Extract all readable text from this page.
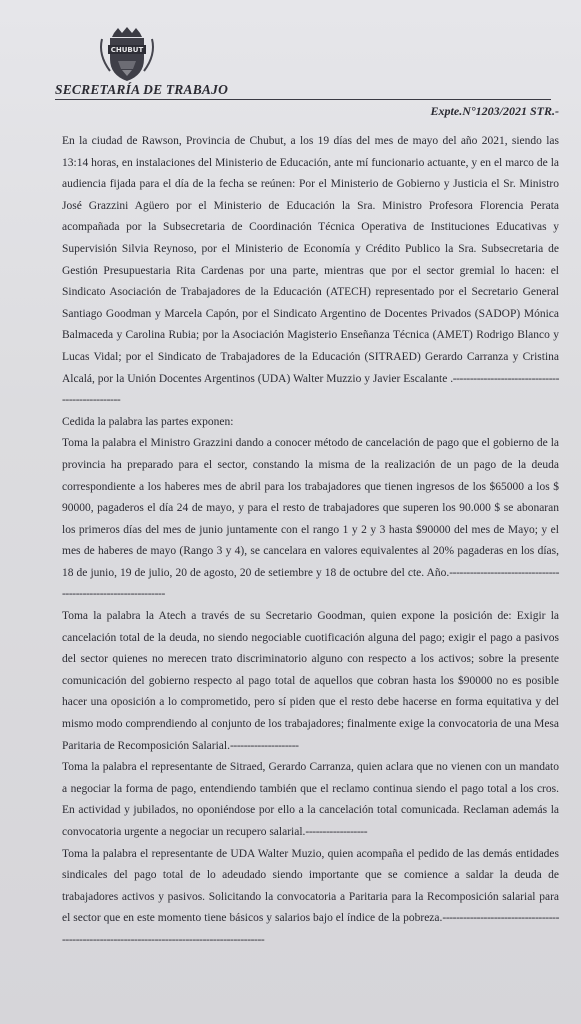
CHUBUT
SECRETARÍA DE TRABAJO
Expte.N°1203/2021 STR.-

En la ciudad de Rawson, Provincia de Chubut, a los 19 días del mes de mayo del año 2021, siendo las 13:14 horas, en instalaciones del Ministerio de Educación, ante mí funcionario actuante, y en el marco de la audiencia fijada para el día de la fecha se reúnen: Por el Ministerio de Gobierno y Justicia el Sr. Ministro José Grazzini Agüero por el Ministerio de Educación la Sra. Ministro Profesora Florencia Perata acompañada por la Subsecretaria de Coordinación Técnica Operativa de Instituciones Educativas y Supervisión Silvia Reynoso, por el Ministerio de Economía y Crédito Publico la Sra. Subsecretaria de Gestión Presupuestaria Rita Cardenas por una parte, mientras que por el sector gremial lo hacen: el Sindicato Asociación de Trabajadores de la Educación (ATECH) representado por el Secretario General Santiago Goodman y Marcela Capón, por el Sindicato Argentino de Docentes Privados (SADOP) Mónica Balmaceda y Carolina Rubia; por la Asociación Magisterio Enseñanza Técnica (AMET) Rodrigo Blanco y Lucas Vidal; por el Sindicato de Trabajadores de la Educación (SITRAED) Gerardo Carranza y Cristina Alcalá, por la Unión Docentes Argentinos (UDA) Walter Muzzio y Javier Escalante .------------------------------------------------

Cedida la palabra las partes exponen:

Toma la palabra el Ministro Grazzini dando a conocer método de cancelación de pago que el gobierno de la provincia ha preparado para el sector, constando la misma de la realización de un pago de la deuda correspondiente a los haberes mes de abril para los trabajadores que tienen ingresos de los $65000 a los $ 90000, pagaderos el día 24 de mayo, y para el resto de trabajadores que superen los 90.000 $ se abonaran los primeros días del mes de junio juntamente con el rango 1 y 2 y 3 hasta $90000 del mes de Mayo; y el mes de haberes de mayo (Rango 3 y 4), se cancelara en valores equivalentes al 20% pagaderas en los días, 18 de junio, 19 de julio, 20 de agosto, 20 de setiembre y 18 de octubre del cte. Año.--------------------------------------------------------------

Toma la palabra la Atech a través de su Secretario Goodman, quien expone la posición de: Exigir la cancelación total de la deuda, no siendo negociable cuotificación alguna del pago; exigir el pago a pasivos del sector quienes no merecen trato discriminatorio alguno con respecto a los activos; sobre la presente comunicación del gobierno respecto al pago total de aquellos que cobran hasta los $90000 no es posible hacer una oposición a lo comprometido, pero sí piden que el resto debe hacerse en forma equitativa y del mismo modo comprendiendo al conjunto de los trabajadores; finalmente exige la convocatoria de una Mesa Paritaria de Recomposición Salarial.--------------------

Toma la palabra el representante de Sitraed, Gerardo Carranza, quien aclara que no vienen con un mandato a negociar la forma de pago, entendiendo también que el reclamo continua siendo el pago total a los cros. En actividad y jubilados, no oponiéndose por ello a la cancelación total comunicada. Reclaman además la convocatoria urgente a negociar un recupero salarial.------------------

Toma la palabra el representante de UDA Walter Muzio, quien acompaña el pedido de las demás entidades sindicales del pago total de lo adeudado siendo importante que se comience a saldar la deuda de trabajadores activos y pasivos. Solicitando la convocatoria a Paritaria para la Recomposición salarial para el sector que en este momento tiene básicos y salarios bajo el índice de la pobreza.---------------------------------------------------------------------------------------------
